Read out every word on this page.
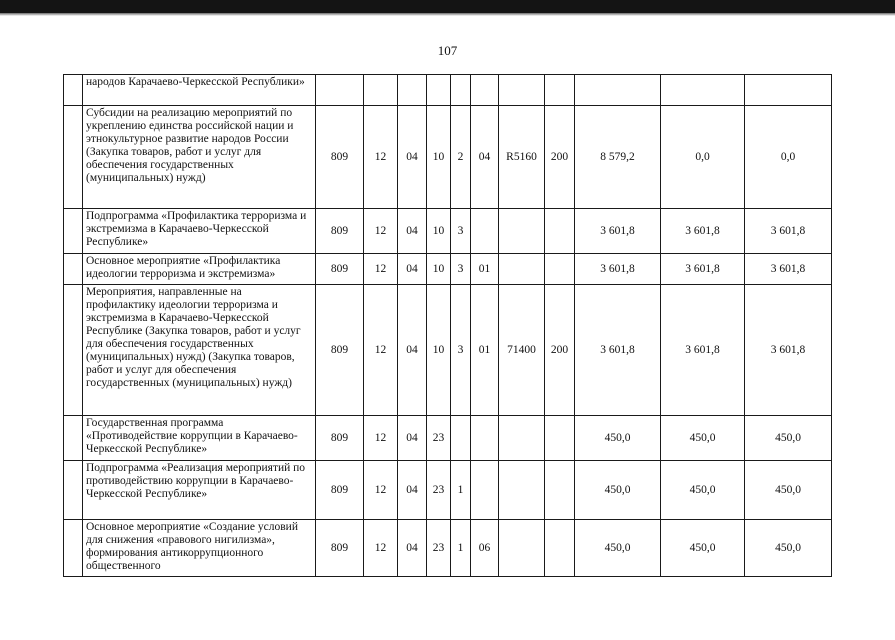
107
	народов Карачаево-Черкесской Республики»											
	Субсидии на реализацию мероприятий по укреплению единства российской нации и этнокультурное развитие народов России (Закупка товаров, работ и услуг для обеспечения государственных (муниципальных) нужд)	809	12	04	10	2	04	R5160	200	8 579,2	0,0	0,0
	Подпрограмма «Профилактика терроризма и экстремизма в Карачаево-Черкесской Республике»	809	12	04	10	3				3 601,8	3 601,8	3 601,8
	Основное мероприятие «Профилактика идеологии терроризма и экстремизма»	809	12	04	10	3	01			3 601,8	3 601,8	3 601,8
	Мероприятия, направленные на профилактику идеологии терроризма и экстремизма в Карачаево-Черкесской Республике (Закупка товаров, работ и услуг для обеспечения государственных (муниципальных) нужд) (Закупка товаров, работ и услуг для обеспечения государственных (муниципальных) нужд)	809	12	04	10	3	01	71400	200	3 601,8	3 601,8	3 601,8
	Государственная программа «Противодействие коррупции в Карачаево-Черкесской Республике»	809	12	04	23					450,0	450,0	450,0
	Подпрограмма «Реализация мероприятий по противодействию коррупции в Карачаево-Черкесской Республике»	809	12	04	23	1				450,0	450,0	450,0
	Основное мероприятие «Создание условий для снижения «правового нигилизма», формирования антикоррупционного общественного	809	12	04	23	1	06			450,0	450,0	450,0
